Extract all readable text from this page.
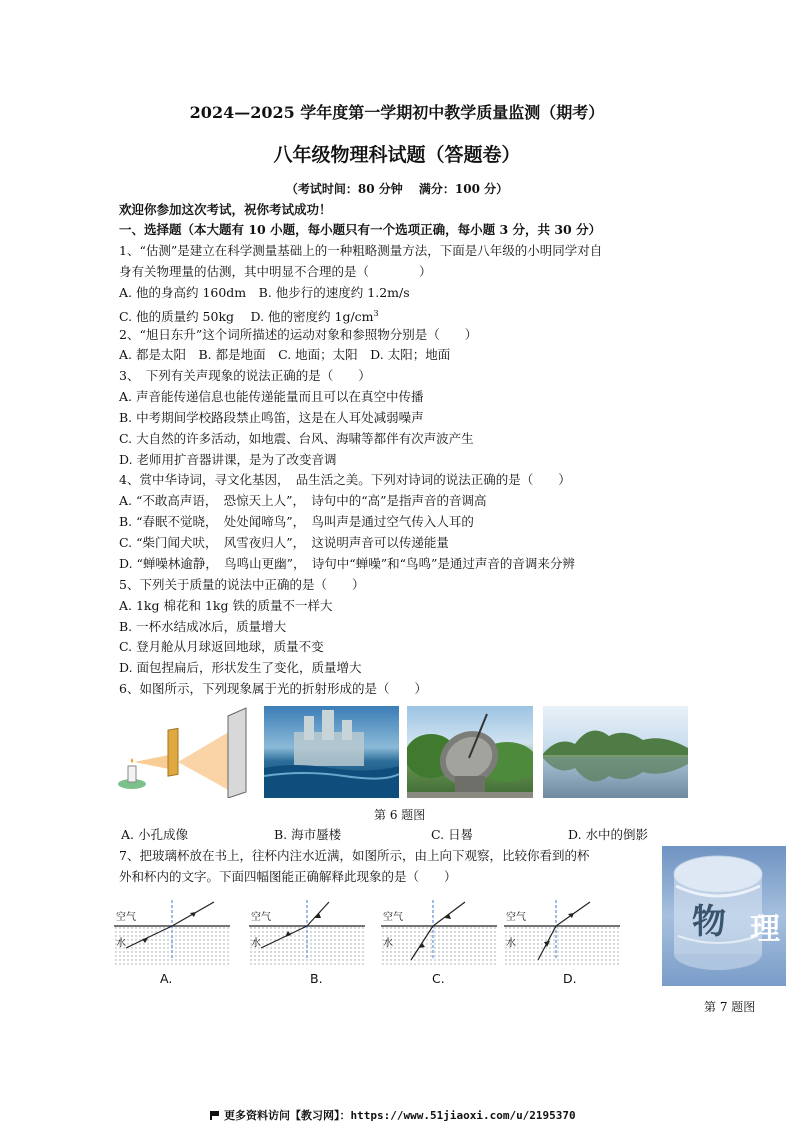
2024—2025 学年度第一学期初中教学质量监测（期考）
八年级物理科试题（答题卷）
（考试时间：80 分钟　 满分：100 分）
欢迎你参加这次考试，祝你考试成功！
一、选择题（本大题有 10 小题，每小题只有一个选项正确，每小题 3 分，共 30 分）
1、“估测”是建立在科学测量基础上的一种粗略测量方法，下面是八年级的小明同学对自
身有关物理量的估测，其中明显不合理的是（　　　　）
A. 他的身高约 160dm　B. 他步行的速度约 1.2m/s
C. 他的质量约 50kg　 D. 他的密度约 $1g/cm^3$
2、“旭日东升”这个词所描述的运动对象和参照物分别是（　　）
A. 都是太阳　B. 都是地面　C. 地面；太阳　D. 太阳；地面
3、　下列有关声现象的说法正确的是（　　）
A. 声音能传递信息也能传递能量而且可以在真空中传播
B. 中考期间学校路段禁止鸣笛，这是在人耳处减弱噪声
C. 大自然的许多活动，如地震、台风、海啸等都伴有次声波产生
D. 老师用扩音器讲课，是为了改变音调
4、赏中华诗词，寻文化基因，　品生活之美。下列对诗词的说法正确的是（　　）
A. “不敢高声语，　恐惊天上人”，　诗句中的“高”是指声音的音调高
B. “春眠不觉晓，　处处闻啼鸟”，　鸟叫声是通过空气传入人耳的
C. “柴门闻犬吠，　风雪夜归人”，　这说明声音可以传递能量
D. “蝉噪林逾静，　鸟鸣山更幽”，　诗句中“蝉噪”和“鸟鸣”是通过声音的音调来分辨
5、下列关于质量的说法中正确的是（　　）
A. 1kg 棉花和 1kg 铁的质量不一样大
B. 一杯水结成冰后，质量增大
C. 登月舱从月球返回地球，质量不变
D. 面包捏扁后，形状发生了变化，质量增大
6、如图所示，下列现象属于光的折射形成的是（　　）
第 6 题图
A. 小孔成像	B. 海市蜃楼	C. 日晷	D. 水中的倒影
7、把玻璃杯放在书上，往杯内注水近满，如图所示，由上向下观察，比较你看到的杯
外和杯内的文字。下面四幅图能正确解释此现象的是（　　）
空气
水
空气
水
空气
水
空气
水
A.	B.	C.	D.
物 理
第 7 题图
更多资料访问【教习网】：https://www.51jiaoxi.com/u/2195370
